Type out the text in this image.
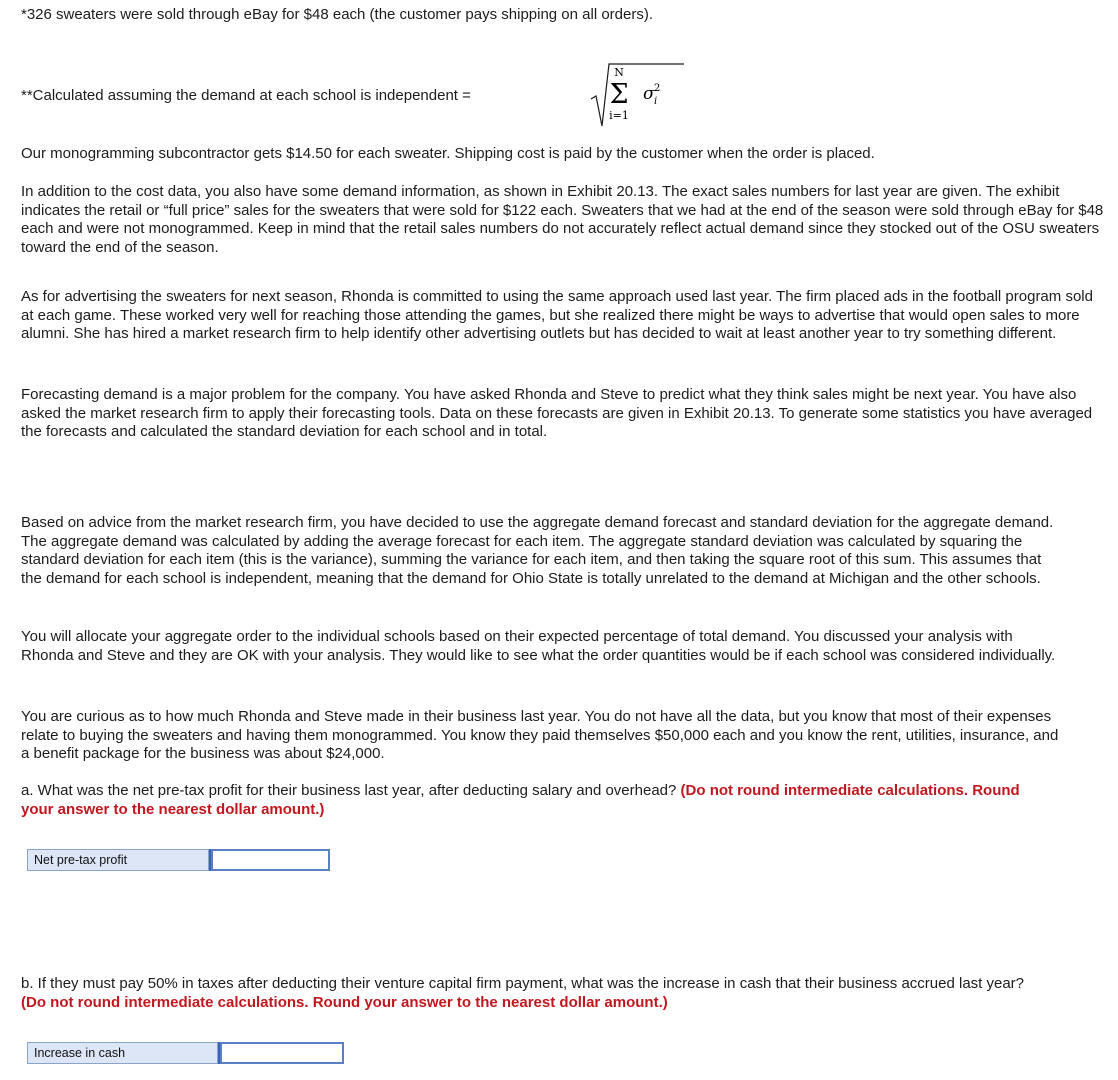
*326 sweaters were sold through eBay for $48 each (the customer pays shipping on all orders).

**Calculated assuming the demand at each school is independent =
N
Σ
i=1
σ 2
i

Our monogramming subcontractor gets $14.50 for each sweater. Shipping cost is paid by the customer when the order is placed.

In addition to the cost data, you also have some demand information, as shown in Exhibit 20.13. The exact sales numbers for last year are given. The exhibit indicates the retail or “full price” sales for the sweaters that were sold for $122 each. Sweaters that we had at the end of the season were sold through eBay for $48 each and were not monogrammed. Keep in mind that the retail sales numbers do not accurately reflect actual demand since they stocked out of the OSU sweaters toward the end of the season.

As for advertising the sweaters for next season, Rhonda is committed to using the same approach used last year. The firm placed ads in the football program sold at each game. These worked very well for reaching those attending the games, but she realized there might be ways to advertise that would open sales to more alumni. She has hired a market research firm to help identify other advertising outlets but has decided to wait at least another year to try something different.

Forecasting demand is a major problem for the company. You have asked Rhonda and Steve to predict what they think sales might be next year. You have also asked the market research firm to apply their forecasting tools. Data on these forecasts are given in Exhibit 20.13. To generate some statistics you have averaged the forecasts and calculated the standard deviation for each school and in total.

Based on advice from the market research firm, you have decided to use the aggregate demand forecast and standard deviation for the aggregate demand. The aggregate demand was calculated by adding the average forecast for each item. The aggregate standard deviation was calculated by squaring the standard deviation for each item (this is the variance), summing the variance for each item, and then taking the square root of this sum. This assumes that the demand for each school is independent, meaning that the demand for Ohio State is totally unrelated to the demand at Michigan and the other schools.

You will allocate your aggregate order to the individual schools based on their expected percentage of total demand. You discussed your analysis with Rhonda and Steve and they are OK with your analysis. They would like to see what the order quantities would be if each school was considered individually.

You are curious as to how much Rhonda and Steve made in their business last year. You do not have all the data, but you know that most of their expenses relate to buying the sweaters and having them monogrammed. You know they paid themselves $50,000 each and you know the rent, utilities, insurance, and a benefit package for the business was about $24,000.

a. What was the net pre-tax profit for their business last year, after deducting salary and overhead? (Do not round intermediate calculations. Round your answer to the nearest dollar amount.)

Net pre-tax profit

b. If they must pay 50% in taxes after deducting their venture capital firm payment, what was the increase in cash that their business accrued last year? (Do not round intermediate calculations. Round your answer to the nearest dollar amount.)

Increase in cash
